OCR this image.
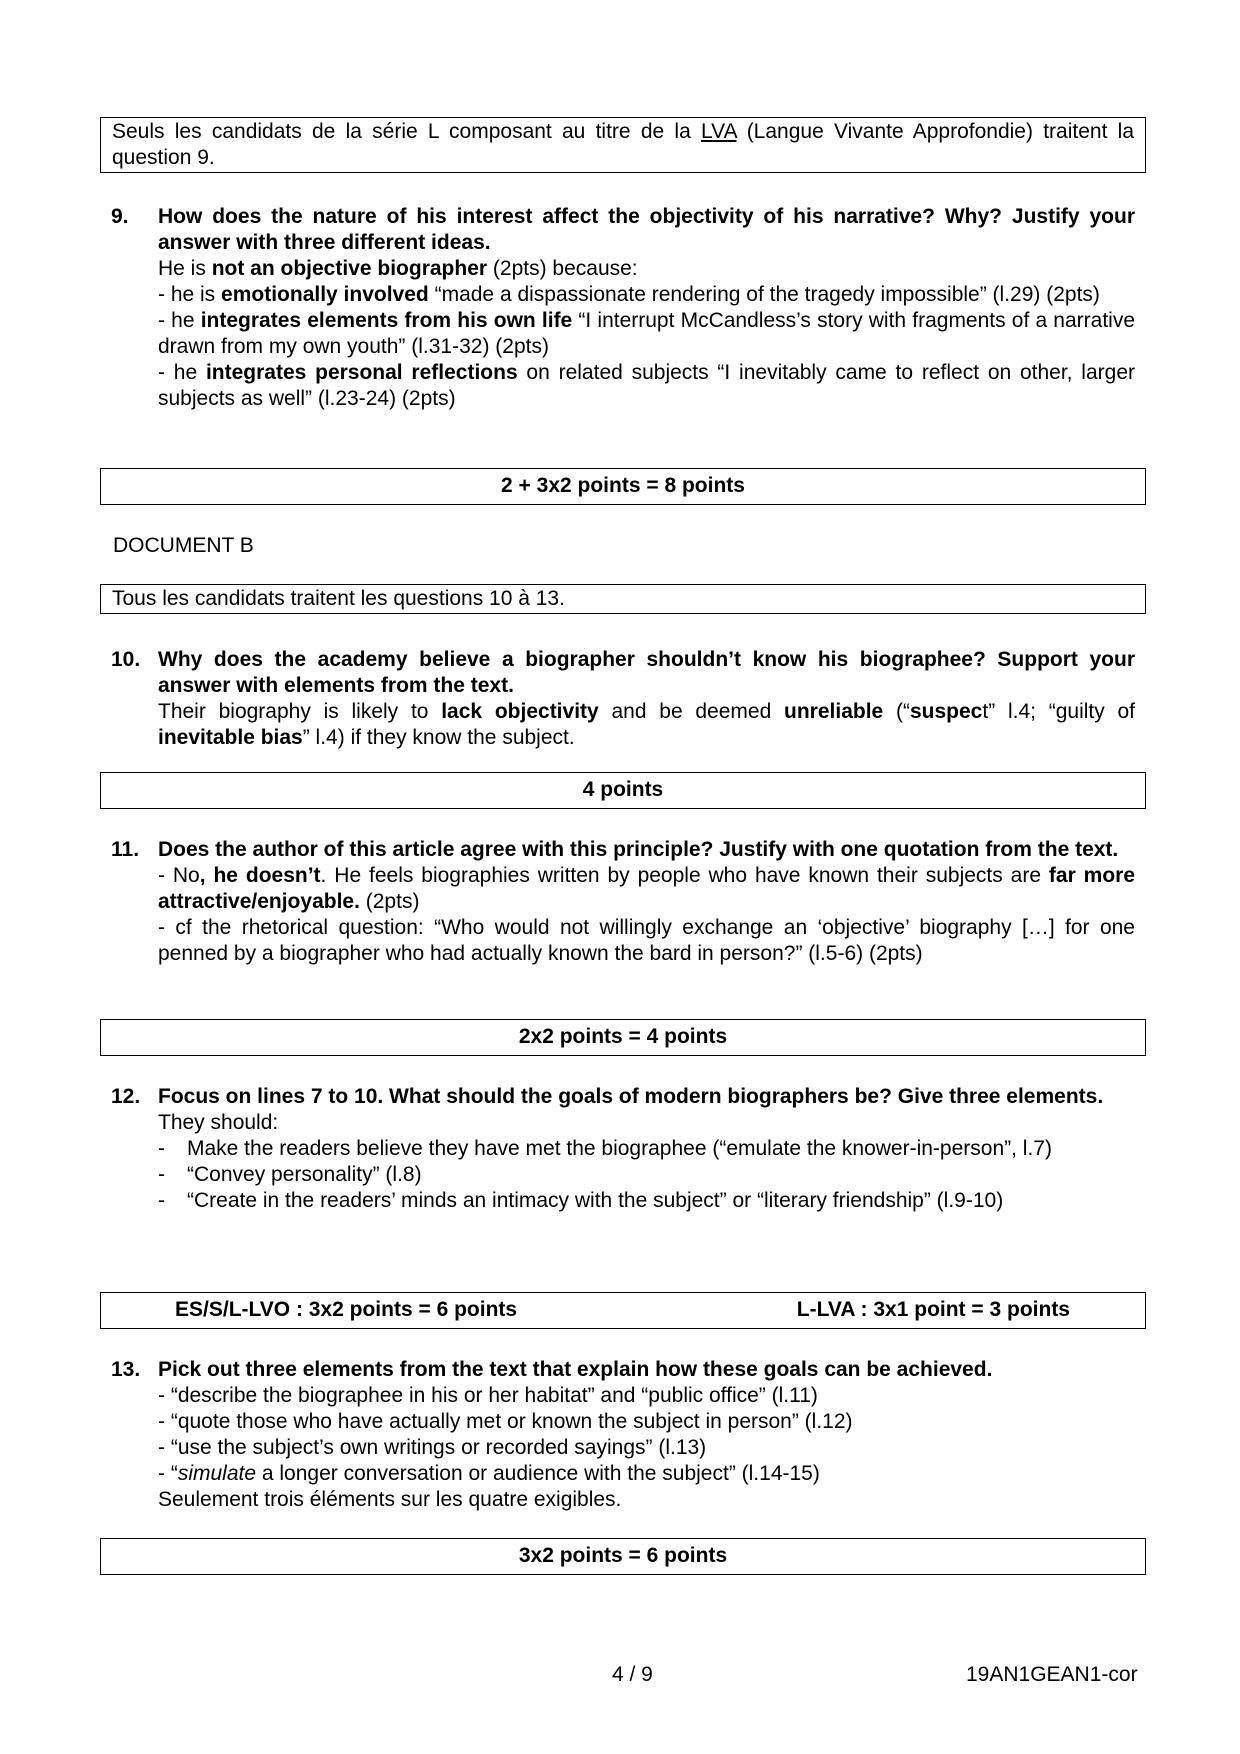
Seuls les candidats de la série L composant au titre de la LVA (Langue Vivante Approfondie) traitent la question 9.
9. How does the nature of his interest affect the objectivity of his narrative? Why? Justify your answer with three different ideas.
He is not an objective biographer (2pts) because:
- he is emotionally involved “made a dispassionate rendering of the tragedy impossible” (l.29) (2pts)
- he integrates elements from his own life “I interrupt McCandless’s story with fragments of a narrative drawn from my own youth” (l.31-32) (2pts)
- he integrates personal reflections on related subjects “I inevitably came to reflect on other, larger subjects as well” (l.23-24) (2pts)
2 + 3x2 points = 8 points
DOCUMENT B
Tous les candidats traitent les questions 10 à 13.
10. Why does the academy believe a biographer shouldn’t know his biographee? Support your answer with elements from the text.
Their biography is likely to lack objectivity and be deemed unreliable (“suspect” l.4; “guilty of inevitable bias” l.4) if they know the subject.
4 points
11. Does the author of this article agree with this principle? Justify with one quotation from the text.
- No, he doesn’t. He feels biographies written by people who have known their subjects are far more attractive/enjoyable. (2pts)
- cf the rhetorical question: “Who would not willingly exchange an ‘objective’ biography […] for one penned by a biographer who had actually known the bard in person?” (l.5-6) (2pts)
2x2 points = 4 points
12. Focus on lines 7 to 10. What should the goals of modern biographers be? Give three elements.
They should:
-	Make the readers believe they have met the biographee (“emulate the knower-in-person”, l.7)
-	“Convey personality” (l.8)
-	“Create in the readers’ minds an intimacy with the subject” or “literary friendship” (l.9-10)
ES/S/L-LVO : 3x2 points = 6 points	L-LVA : 3x1 point = 3 points
13. Pick out three elements from the text that explain how these goals can be achieved.
- “describe the biographee in his or her habitat” and “public office” (l.11)
- “quote those who have actually met or known the subject in person” (l.12)
- “use the subject’s own writings or recorded sayings” (l.13)
- “simulate a longer conversation or audience with the subject” (l.14-15)
Seulement trois éléments sur les quatre exigibles.
3x2 points = 6 points
4 / 9	19AN1GEAN1-cor
